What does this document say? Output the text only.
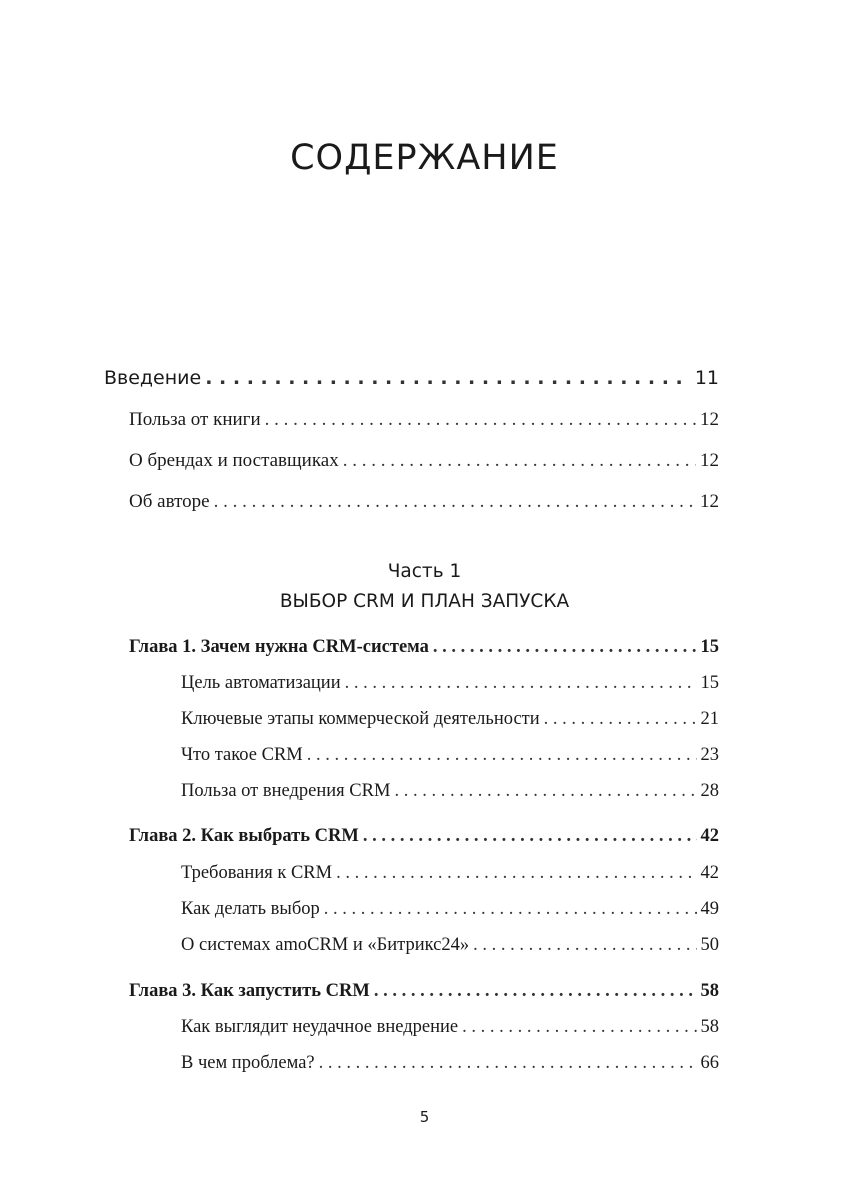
СОДЕРЖАНИЕ
Введение . . .	11
Польза от книги . . .	12
О брендах и поставщиках . . .	12
Об авторе . . .	12
Часть 1
ВЫБОР CRM И ПЛАН ЗАПУСКА
Глава 1. Зачем нужна CRM-система . . .	15
Цель автоматизации . . .	15
Ключевые этапы коммерческой деятельности . . .	21
Что такое CRM . . .	23
Польза от внедрения CRM . . .	28
Глава 2. Как выбрать CRM . . .	42
Требования к CRM . . .	42
Как делать выбор . . .	49
О системах amoCRM и «Битрикс24» . . .	50
Глава 3. Как запустить CRM . . .	58
Как выглядит неудачное внедрение . . .	58
В чем проблема? . . .	66
5
